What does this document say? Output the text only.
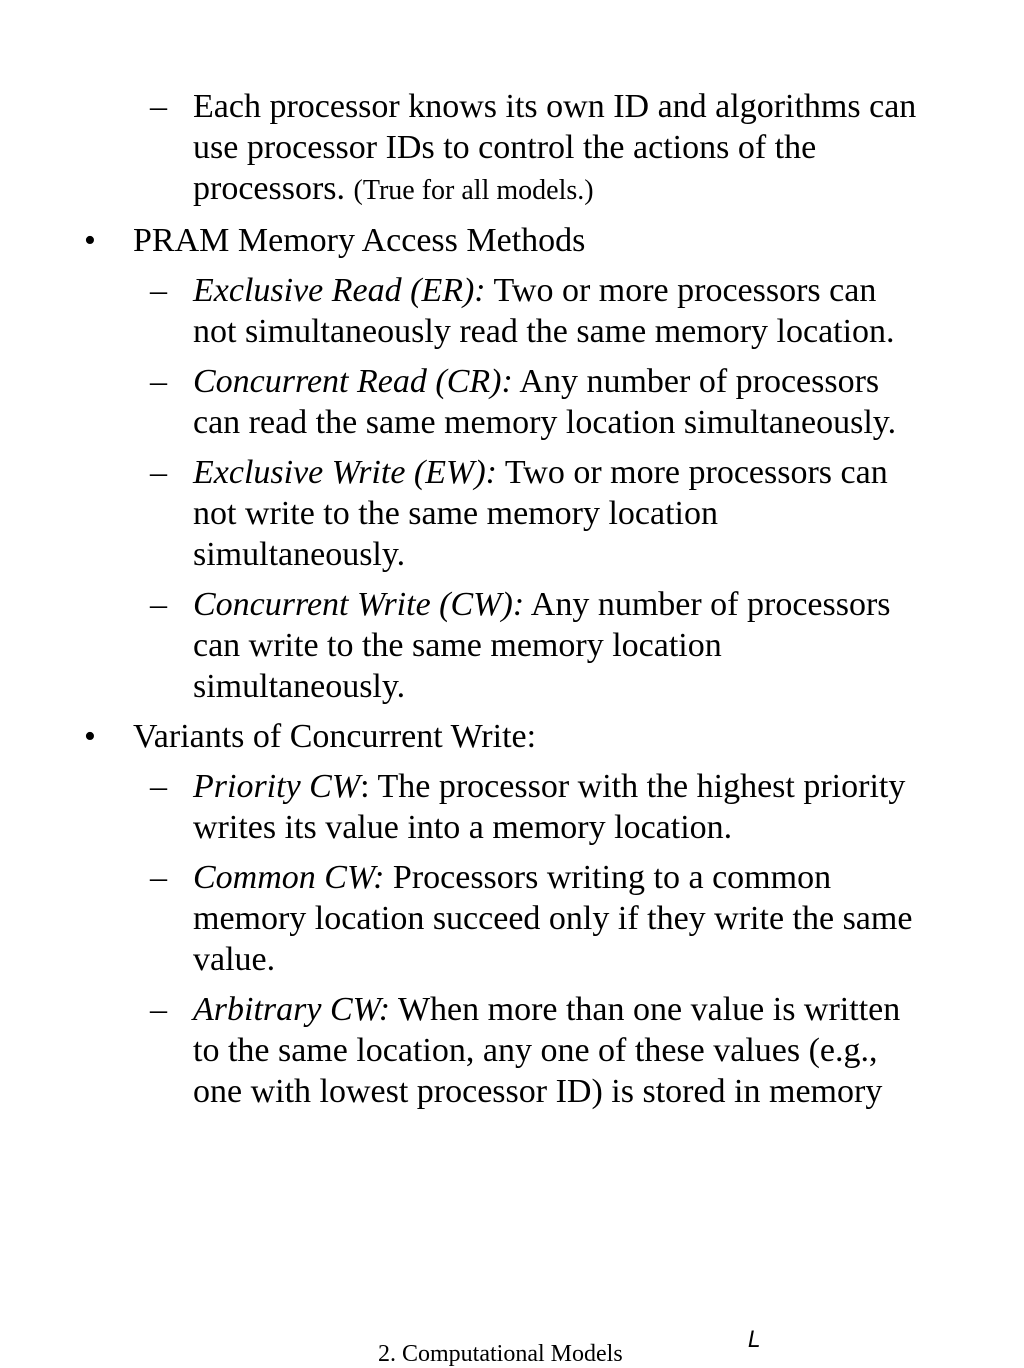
– Each processor knows its own ID and algorithms can use processor IDs to control the actions of the processors. (True for all models.)
• PRAM Memory Access Methods
– Exclusive Read (ER): Two or more processors can not simultaneously read the same memory location.
– Concurrent Read (CR): Any number of processors can read the same memory location simultaneously.
– Exclusive Write (EW): Two or more processors can  not write to the same memory location simultaneously.
– Concurrent Write (CW): Any number of processors can write to the same memory location simultaneously.
• Variants of Concurrent Write:
– Priority CW: The processor with the highest priority writes its value into a memory location.
– Common CW: Processors writing to a common memory location succeed only if they write the same value.
– Arbitrary CW: When more than one value is written to the same location, any one of these values (e.g., one with lowest processor ID) is stored in memory
2. Computational Models
L
